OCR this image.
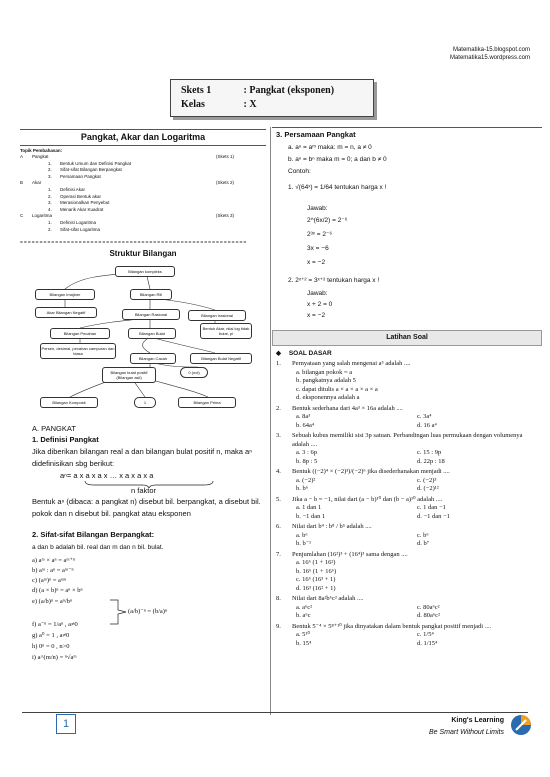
Matematika-15.blogspot.com
Matematika15.wordpress.com
Skets 1	: Pangkat (eksponen)
Kelas	: X
Pangkat, Akar dan Logaritma
Topik Pembahasan:
A Pangkat	(Skets 1)
1. Bentuk Umum dan Definisi Pangkat
2. Sifat-sifat Bilangan Berpangkat
3. Persamaan Pangkat
B Akar	(Skets 2)
1. Definisi Akar
2. Operasi Bentuk akar
3. Merasionalkan Penyebut
4. Menarik Akar Kuadrat
C Logaritma	(Skets 3)
1. Definisi Logaritma
2. Sifat-sifat Logaritma
==========================================================
Struktur Bilangan
Bilangan kompleks
Bilangan Imajiner	Bilangan Riil
Akar Bilangan Negatif	Bilangan Rasional	Bilangan Irasional
Bentuk Akar, nilai log tidak bulat, pi
Bilangan Pecahan	Bilangan Bulat
Persen, desimal, pecahan campuran dan biasa
Bilangan Cacah	Bilangan Bulat Negatif
Bilangan bulat positif (Bilangan asli)
0 (nol)
Bilangan Komposit	1	Bilangan Prima
A. PANGKAT
1. Definisi Pangkat
Jika diberikan bilangan real a dan bilangan bulat positif n, maka aⁿ didefinisikan sbg berikut:
aⁿ= a x a x a x … x a x a x a
n faktor
Bentuk aⁿ (dibaca: a pangkat n) disebut bil. berpangkat, a disebut bil. pokok dan n disebut bil. pangkat atau eksponen
2. Sifat-sifat Bilangan Berpangkat:
a dan b adalah bil. real dan m dan n bil. bulat.
a) aᵐ × aⁿ = aᵐ⁺ⁿ
b) aᵐ : aⁿ = aᵐ⁻ⁿ
c) (aᵐ)ⁿ = aᵐⁿ
d) (a × b)ⁿ = aⁿ × bⁿ
e) (a/b)ⁿ = aⁿ/bⁿ
f) a⁻ⁿ = 1/aⁿ , a≠0
g) a⁰ = 1 , a≠0
h) 0ⁿ = 0 , n>0
i) a^(m/n) = ⁿ√aᵐ
(a/b)⁻ⁿ = (b/a)ⁿ
3. Persamaan Pangkat
a. aⁿ = aᵐ maka: m = n, a ≠ 0
b. aⁿ = bⁿ maka m = 0; a dan b ≠ 0
Contoh:
1. √(64ˣ) = 1/64 tentukan harga x !
Jawab:
2^(6x/2) = 2⁻⁶
2³ˣ = 2⁻⁶
3x = −6
x = −2
2. 2ˣ⁺² = 3ˣ⁺² tentukan harga x !
Jawab:
x + 2 = 0
x = −2
Latihan Soal
◆ SOAL DASAR
1.	Pernyataan yang salah mengenai a⁵ adalah ....
a. bilangan pokok = a
b. pangkatnya adalah 5
c. dapat ditulis a × a × a × a × a
d. eksponennya adalah a
2.	Bentuk sederhana dari 4a³ × 16a adalah ....
a. 8a³	c. 3a⁴
b. 64a⁴	d. 16 a⁴
3.	Sebuah kubus memiliki sisi 3p satuan. Perbandingan luas permukaan dengan volumenya adalah ....
a. 3 : 6p	c. 15 : 9p
b. 8p : 5	d. 22p : 18
4.	Bentuk ((−2)⁴ × (−2)³)/(−2)⁶ jika disederhanakan menjadi ....
a. (−2)²	c. (−2)³
b. b⁶	d. (−2)¹²
5.	Jika a − b = −1, nilai dari (a − b)¹⁰ dan (b − a)¹⁰ adalah ....
a. 1 dan 1	c. 1 dan −1
b. −1 dan 1	d. −1 dan −1
6.	Nilai dari b⁴ : b⁸ / b⁵ adalah ....
a. b⁶	c. b⁶
b. b⁻¹	d. b⁷
7.	Penjumlahan (16²)³ + (16⁴)³ sama dengan ....
a. 16⁶ (1 + 16²)
b. 16⁶ (1 + 16⁶)
c. 16⁶ (16³ + 1)
d. 16³ (16² + 1)
8.	Nilai dari 8a²b⁶c² adalah ....
a. a⁶c²	c. 80a⁶c²
b. a⁶c	d. 80a⁶c²
9.	Bentuk 5⁻⁴ × 5⁸⁺¹⁰ jika dinyatakan dalam bentuk pangkat positif menjadi ....
a. 5¹⁰	c. 1/5⁴
b. 15⁴	d. 1/15⁴
1	King's Learning
Be Smart Without Limits
